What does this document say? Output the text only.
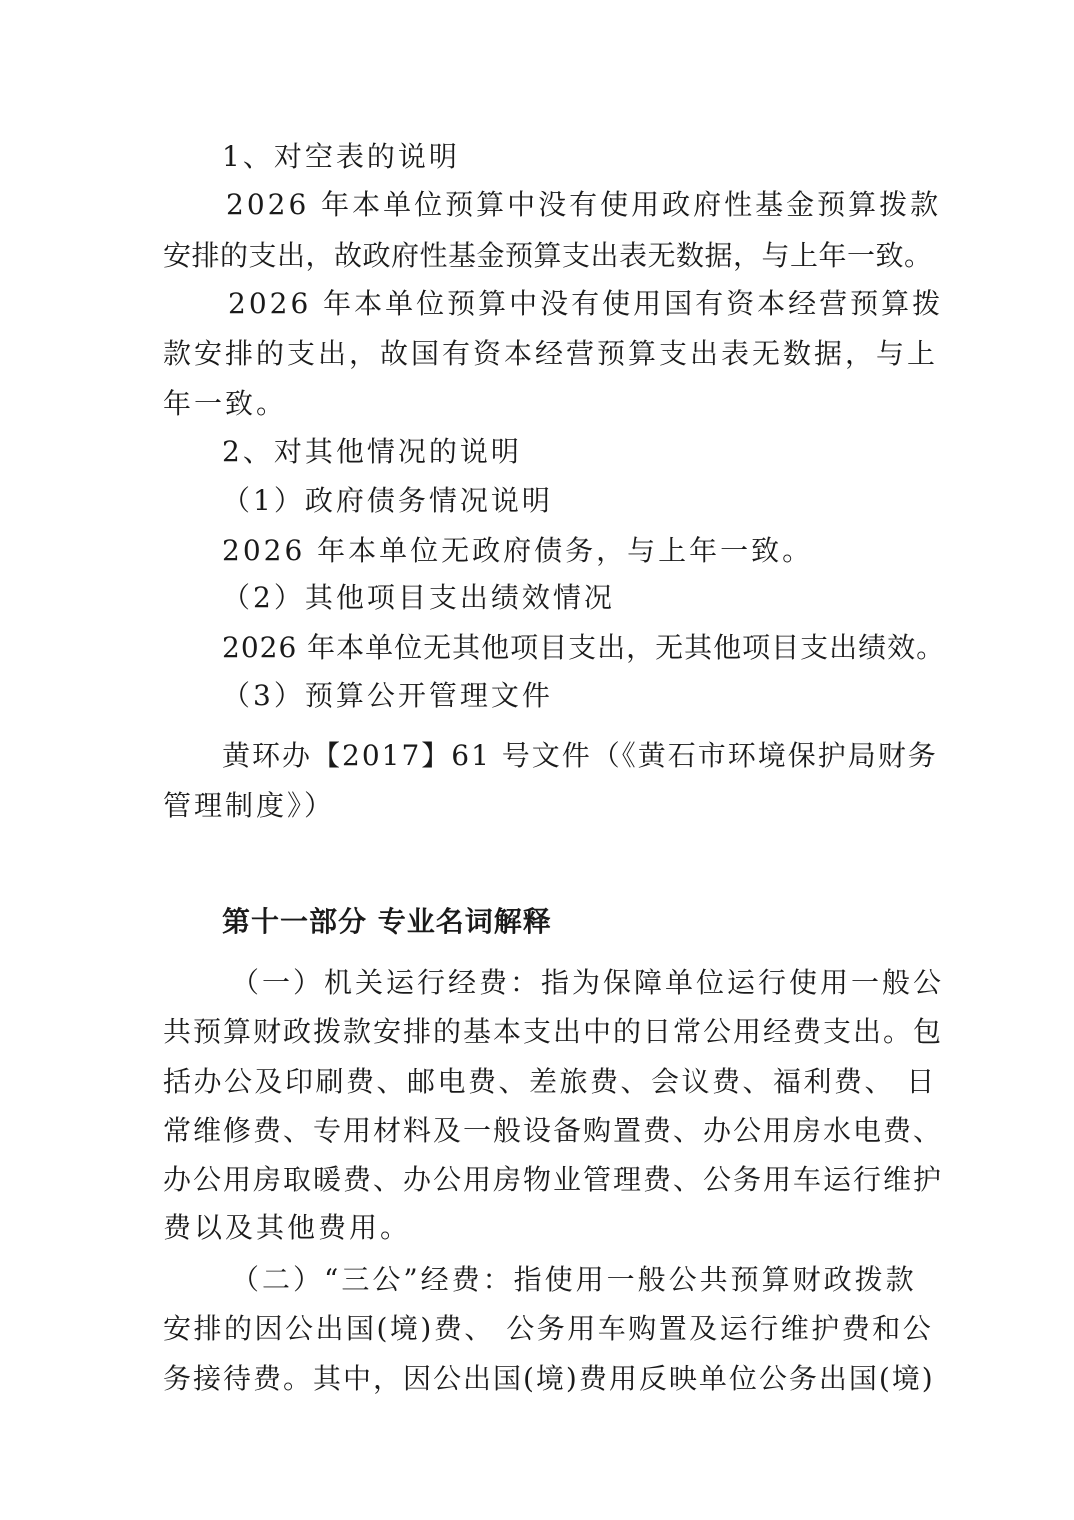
1、对空表的说明
2026 年本单位预算中没有使用政府性基金预算拨款
安排的支出，故政府性基金预算支出表无数据，与上年一致。
2026 年本单位预算中没有使用国有资本经营预算拨
款安排的支出，故国有资本经营预算支出表无数据，与上
年一致。
2、对其他情况的说明
（1）政府债务情况说明
2026 年本单位无政府债务，与上年一致。
（2）其他项目支出绩效情况
2026 年本单位无其他项目支出，无其他项目支出绩效。
（3）预算公开管理文件
黄环办【2017】61 号文件（《黄石市环境保护局财务
管理制度》）
第十一部分 专业名词解释
（一）机关运行经费：指为保障单位运行使用一般公
共预算财政拨款安排的基本支出中的日常公用经费支出。包
括办公及印刷费、邮电费、差旅费、会议费、福利费、 日
常维修费、专用材料及一般设备购置费、办公用房水电费、
办公用房取暖费、办公用房物业管理费、公务用车运行维护
费以及其他费用。
（二）“三公”经费：指使用一般公共预算财政拨款
安排的因公出国(境)费、 公务用车购置及运行维护费和公
务接待费。其中，因公出国(境)费用反映单位公务出国(境)
